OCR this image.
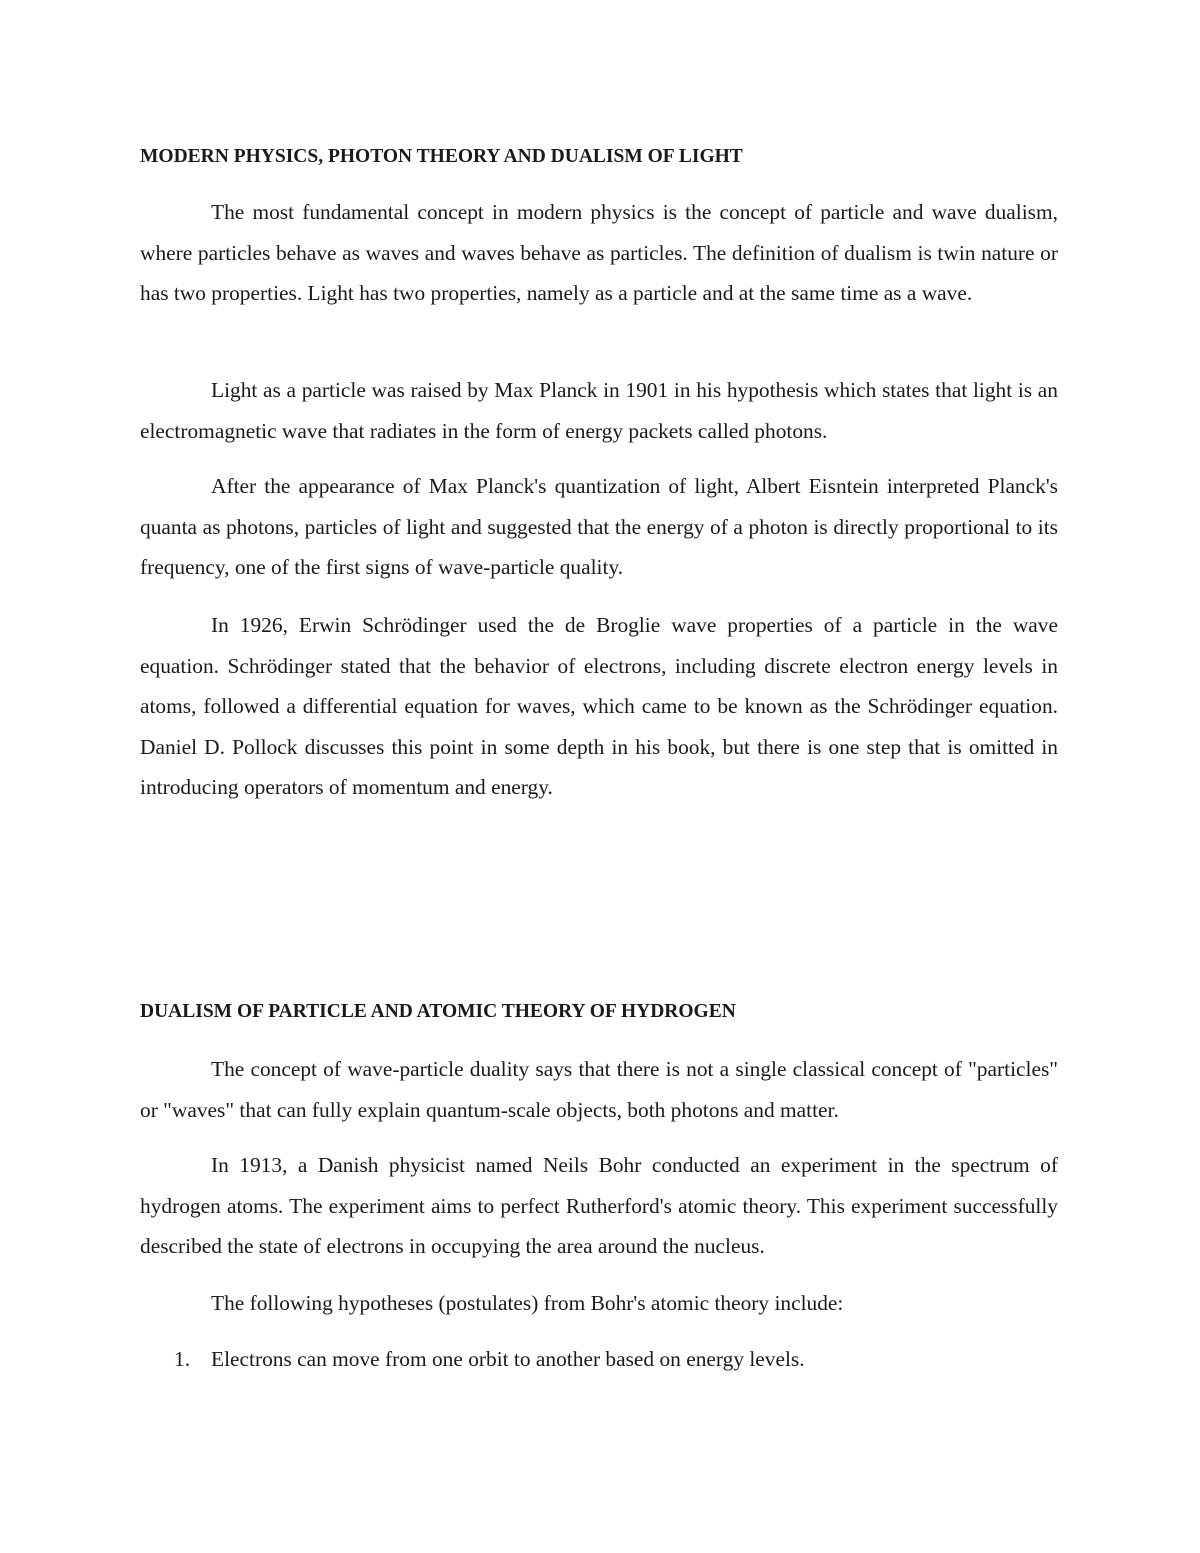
MODERN PHYSICS, PHOTON THEORY AND DUALISM OF LIGHT

The most fundamental concept in modern physics is the concept of particle and wave dualism, where particles behave as waves and waves behave as particles. The definition of dualism is twin nature or has two properties. Light has two properties, namely as a particle and at the same time as a wave.

Light as a particle was raised by Max Planck in 1901 in his hypothesis which states that light is an electromagnetic wave that radiates in the form of energy packets called photons.

After the appearance of Max Planck's quantization of light, Albert Eisntein interpreted Planck's quanta as photons, particles of light and suggested that the energy of a photon is directly proportional to its frequency, one of the first signs of wave-particle quality.

In 1926, Erwin Schrödinger used the de Broglie wave properties of a particle in the wave equation. Schrödinger stated that the behavior of electrons, including discrete electron energy levels in atoms, followed a differential equation for waves, which came to be known as the Schrödinger equation. Daniel D. Pollock discusses this point in some depth in his book, but there is one step that is omitted in introducing operators of momentum and energy.

DUALISM OF PARTICLE AND ATOMIC THEORY OF HYDROGEN

The concept of wave-particle duality says that there is not a single classical concept of "particles" or "waves" that can fully explain quantum-scale objects, both photons and matter.

In 1913, a Danish physicist named Neils Bohr conducted an experiment in the spectrum of hydrogen atoms. The experiment aims to perfect Rutherford's atomic theory. This experiment successfully described the state of electrons in occupying the area around the nucleus.

The following hypotheses (postulates) from Bohr's atomic theory include:

1. Electrons can move from one orbit to another based on energy levels.
